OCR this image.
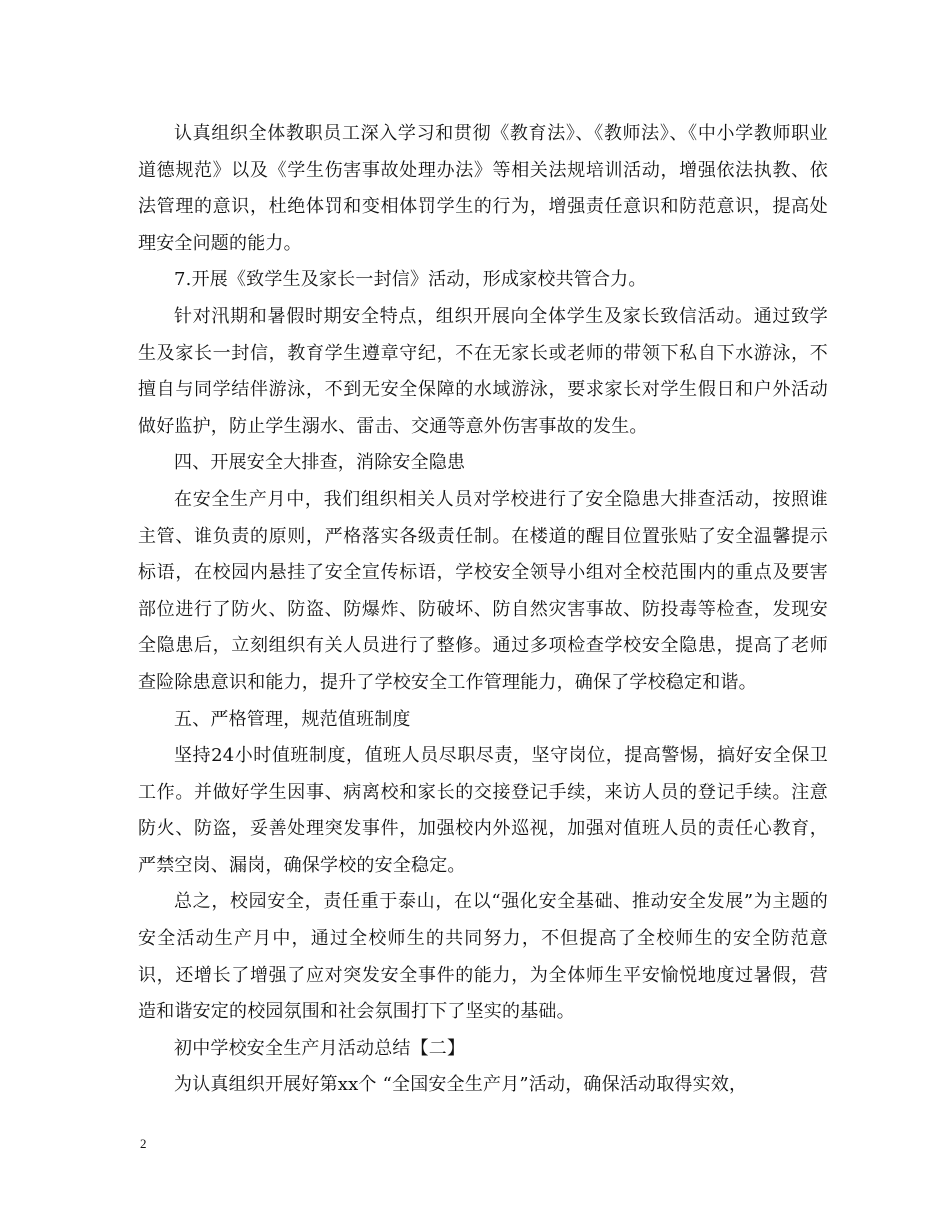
认真组织全体教职员工深入学习和贯彻《教育法》、《教师法》、《中小学教师职业道德规范》以及《学生伤害事故处理办法》等相关法规培训活动，增强依法执教、依法管理的意识，杜绝体罚和变相体罚学生的行为，增强责任意识和防范意识，提高处理安全问题的能力。

7.开展《致学生及家长一封信》活动，形成家校共管合力。

针对汛期和暑假时期安全特点，组织开展向全体学生及家长致信活动。通过致学生及家长一封信，教育学生遵章守纪，不在无家长或老师的带领下私自下水游泳，不擅自与同学结伴游泳，不到无安全保障的水域游泳，要求家长对学生假日和户外活动做好监护，防止学生溺水、雷击、交通等意外伤害事故的发生。

四、开展安全大排查，消除安全隐患

在安全生产月中，我们组织相关人员对学校进行了安全隐患大排查活动，按照谁主管、谁负责的原则，严格落实各级责任制。在楼道的醒目位置张贴了安全温馨提示标语，在校园内悬挂了安全宣传标语，学校安全领导小组对全校范围内的重点及要害部位进行了防火、防盗、防爆炸、防破坏、防自然灾害事故、防投毒等检查，发现安全隐患后，立刻组织有关人员进行了整修。通过多项检查学校安全隐患，提高了老师查险除患意识和能力，提升了学校安全工作管理能力，确保了学校稳定和谐。

五、严格管理，规范值班制度

坚持24小时值班制度，值班人员尽职尽责，坚守岗位，提高警惕，搞好安全保卫工作。并做好学生因事、病离校和家长的交接登记手续，来访人员的登记手续。注意防火、防盗，妥善处理突发事件，加强校内外巡视，加强对值班人员的责任心教育，严禁空岗、漏岗，确保学校的安全稳定。

总之，校园安全，责任重于泰山，在以“强化安全基础、推动安全发展”为主题的安全活动生产月中，通过全校师生的共同努力，不但提高了全校师生的安全防范意识，还增长了增强了应对突发安全事件的能力，为全体师生平安愉悦地度过暑假，营造和谐安定的校园氛围和社会氛围打下了坚实的基础。

初中学校安全生产月活动总结【二】

为认真组织开展好第xx个 “全国安全生产月”活动，确保活动取得实效，

2
